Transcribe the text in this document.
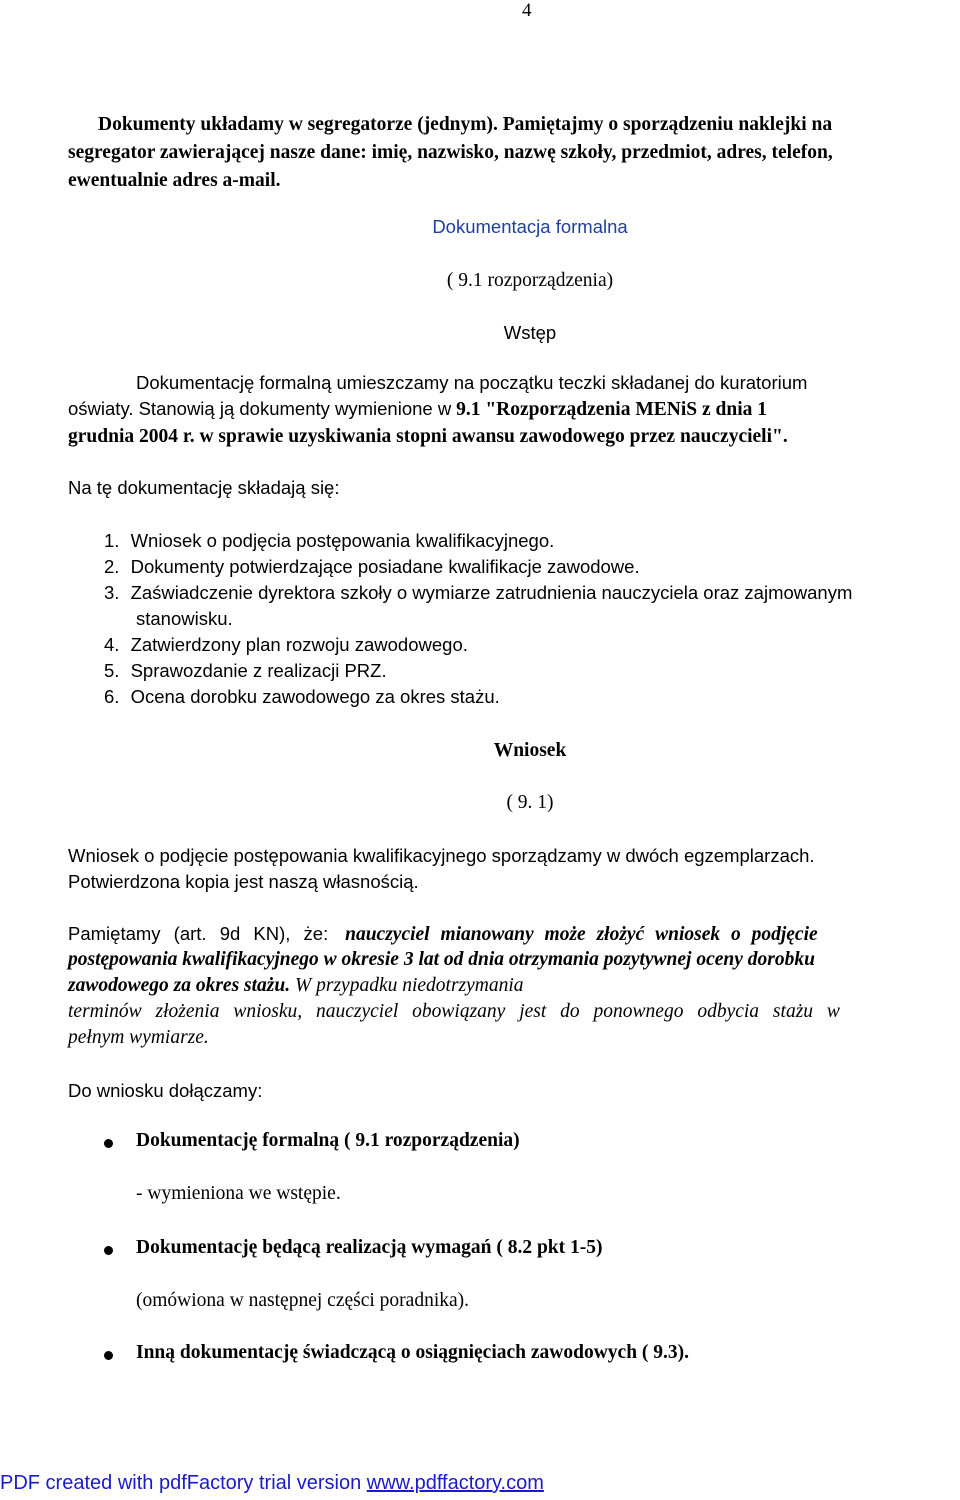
4
Dokumenty układamy w segregatorze (jednym). Pamiętajmy o sporządzeniu naklejki na
segregator zawierającej nasze dane: imię, nazwisko, nazwę szkoły, przedmiot, adres, telefon,
ewentualnie adres a-mail.
Dokumentacja formalna
( 9.1 rozporządzenia)
Wstęp
Dokumentację formalną umieszczamy na początku teczki składanej do kuratorium
oświaty. Stanowią ją dokumenty wymienione w 9.1 "Rozporządzenia MENiS z dnia 1
grudnia 2004 r. w sprawie uzyskiwania stopni awansu zawodowego przez nauczycieli".
Na tę dokumentację składają się:
1. Wniosek o podjęcia postępowania kwalifikacyjnego.
2. Dokumenty potwierdzające posiadane kwalifikacje zawodowe.
3. Zaświadczenie dyrektora szkoły o wymiarze zatrudnienia nauczyciela oraz zajmowanym
stanowisku.
4. Zatwierdzony plan rozwoju zawodowego.
5. Sprawozdanie z realizacji PRZ.
6. Ocena dorobku zawodowego za okres stażu.
Wniosek
( 9. 1)
Wniosek o podjęcie postępowania kwalifikacyjnego sporządzamy w dwóch egzemplarzach.
Potwierdzona kopia jest naszą własnością.
Pamiętamy (art. 9d KN), że: nauczyciel mianowany może złożyć wniosek o podjęcie
postępowania kwalifikacyjnego w okresie 3 lat od dnia otrzymania pozytywnej oceny dorobku
zawodowego za okres stażu. W przypadku niedotrzymania
terminów złożenia wniosku, nauczyciel obowiązany jest do ponownego odbycia stażu w
pełnym wymiarze.
Do wniosku dołączamy:
Dokumentację formalną ( 9.1 rozporządzenia)
- wymieniona we wstępie.
Dokumentację będącą realizacją wymagań ( 8.2 pkt 1-5)
(omówiona w następnej części poradnika).
Inną dokumentację świadczącą o osiągnięciach zawodowych ( 9.3).
PDF created with pdfFactory trial version www.pdffactory.com
